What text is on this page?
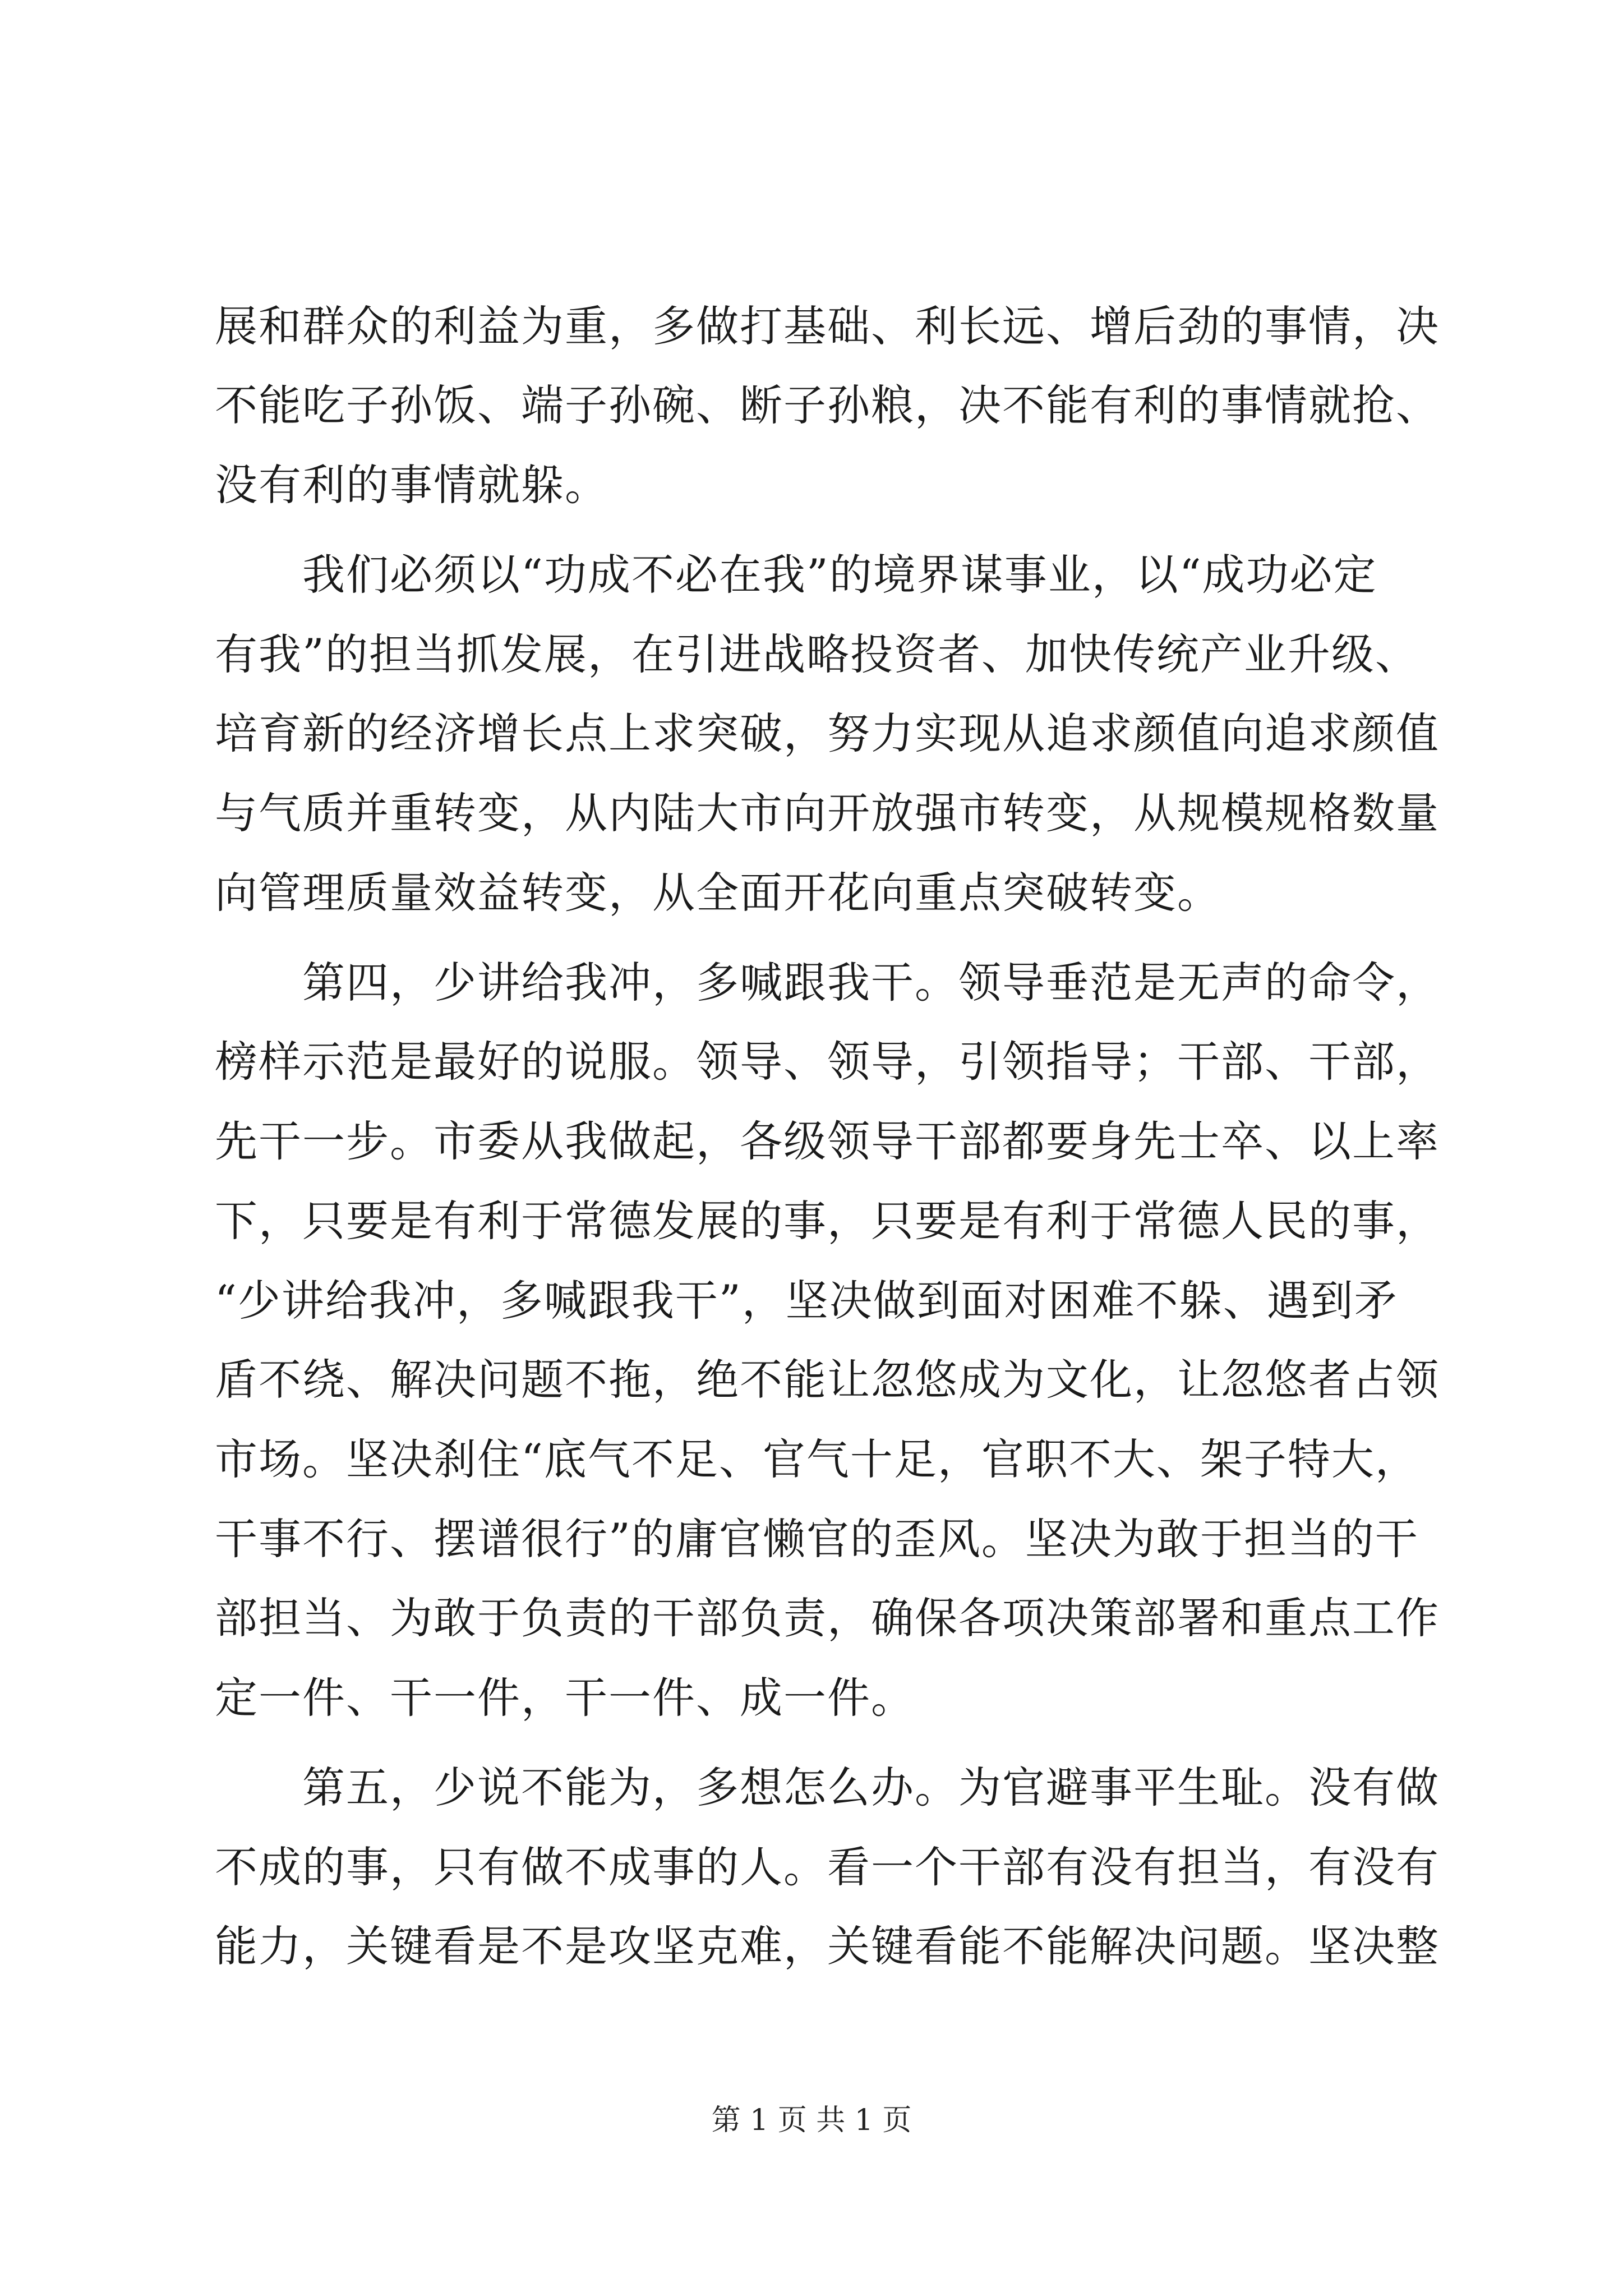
展和群众的利益为重，多做打基础、利长远、增后劲的事情，决
不能吃子孙饭、端子孙碗、断子孙粮，决不能有利的事情就抢、
没有利的事情就躲。
　　我们必须以“功成不必在我”的境界谋事业，以“成功必定
有我”的担当抓发展，在引进战略投资者、加快传统产业升级、
培育新的经济增长点上求突破，努力实现从追求颜值向追求颜值
与气质并重转变，从内陆大市向开放强市转变，从规模规格数量
向管理质量效益转变，从全面开花向重点突破转变。
　　第四，少讲给我冲，多喊跟我干。领导垂范是无声的命令，
榜样示范是最好的说服。领导、领导，引领指导；干部、干部，
先干一步。市委从我做起，各级领导干部都要身先士卒、以上率
下，只要是有利于常德发展的事，只要是有利于常德人民的事，
“少讲给我冲，多喊跟我干”，坚决做到面对困难不躲、遇到矛
盾不绕、解决问题不拖，绝不能让忽悠成为文化，让忽悠者占领
市场。坚决刹住“底气不足、官气十足，官职不大、架子特大，
干事不行、摆谱很行”的庸官懒官的歪风。坚决为敢于担当的干
部担当、为敢于负责的干部负责，确保各项决策部署和重点工作
定一件、干一件，干一件、成一件。
　　第五，少说不能为，多想怎么办。为官避事平生耻。没有做
不成的事，只有做不成事的人。看一个干部有没有担当，有没有
能力，关键看是不是攻坚克难，关键看能不能解决问题。坚决整
第 1 页 共 1 页
